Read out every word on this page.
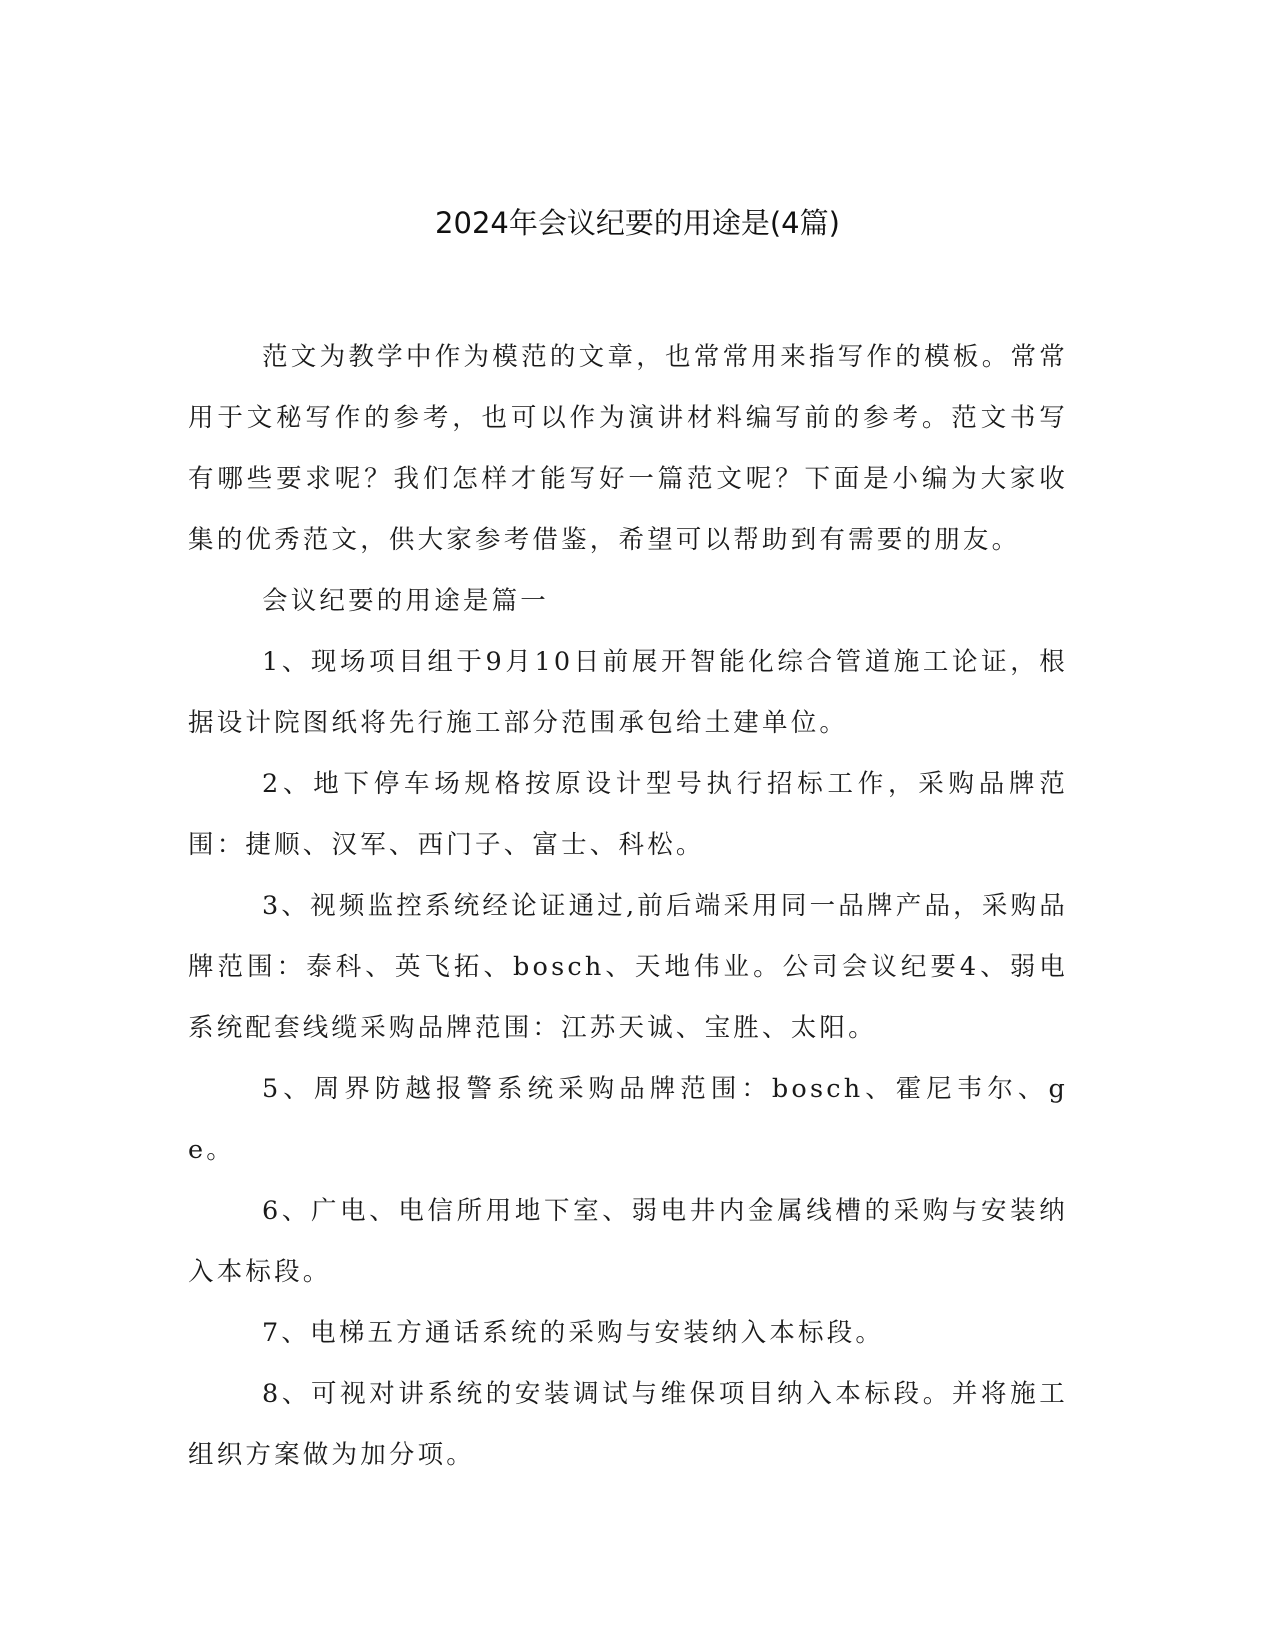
2024年会议纪要的用途是(4篇)

范文为教学中作为模范的文章，也常常用来指写作的模板。常常用于文秘写作的参考，也可以作为演讲材料编写前的参考。范文书写有哪些要求呢？我们怎样才能写好一篇范文呢？下面是小编为大家收集的优秀范文，供大家参考借鉴，希望可以帮助到有需要的朋友。

会议纪要的用途是篇一

1、现场项目组于9月10日前展开智能化综合管道施工论证，根据设计院图纸将先行施工部分范围承包给土建单位。

2、地下停车场规格按原设计型号执行招标工作，采购品牌范围：捷顺、汉军、西门子、富士、科松。

3、视频监控系统经论证通过,前后端采用同一品牌产品，采购品牌范围：泰科、英飞拓、bosch、天地伟业。公司会议纪要4、弱电系统配套线缆采购品牌范围：江苏天诚、宝胜、太阳。

5、周界防越报警系统采购品牌范围：bosch、霍尼韦尔、ge。

6、广电、电信所用地下室、弱电井内金属线槽的采购与安装纳入本标段。

7、电梯五方通话系统的采购与安装纳入本标段。

8、可视对讲系统的安装调试与维保项目纳入本标段。并将施工组织方案做为加分项。
